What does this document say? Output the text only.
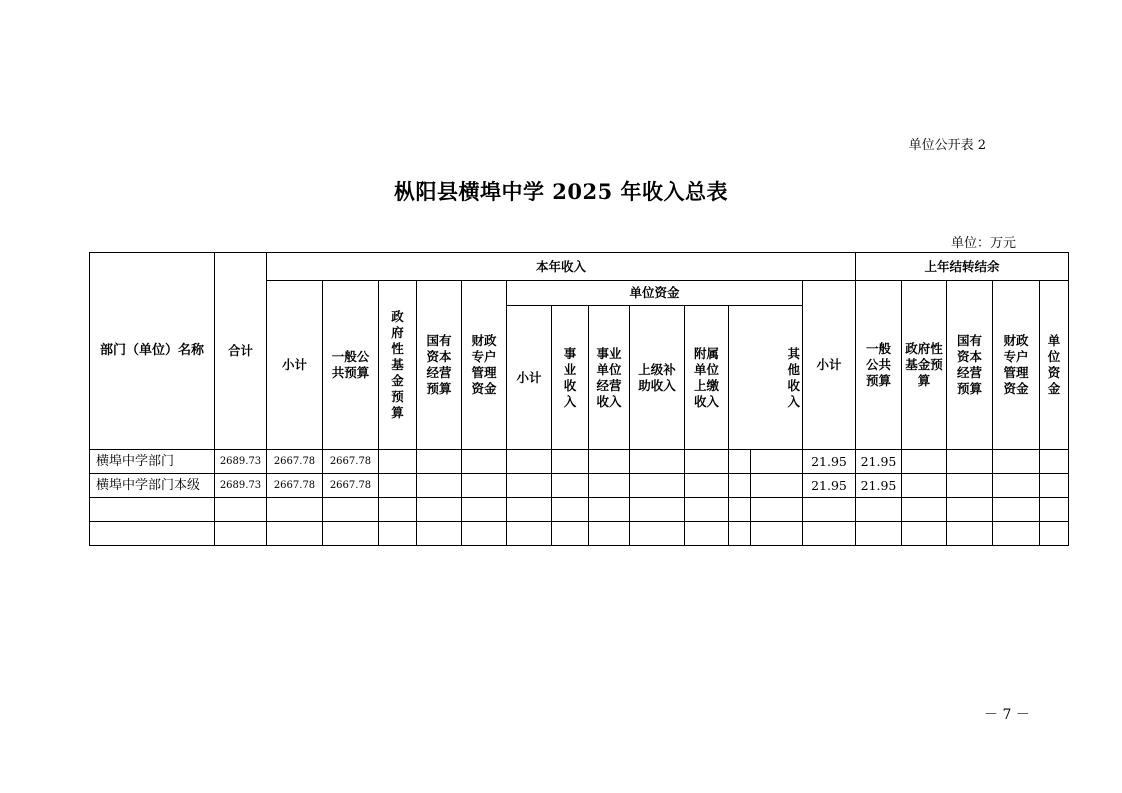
单位公开表 2
枞阳县横埠中学 2025 年收入总表
单位：万元
部门（单位）名称	合计	本年收入													上年结转结余				
		小计	一般公共预算	政府性基金预算	国有资本经营预算	财政专户管理资金	单位资金							小计	一般公共预算	政府性基金预算	国有资本经营预算	财政专户管理资金	单位资金
							小计	事业收入	事业单位经营收入	上级补助收入	附属单位上缴收入	其他 收入							
横埠中学部门	2689.73	2667.78	2667.78											21.95	21.95				
横埠中学部门本级	2689.73	2667.78	2667.78											21.95	21.95				

－ 7 －
